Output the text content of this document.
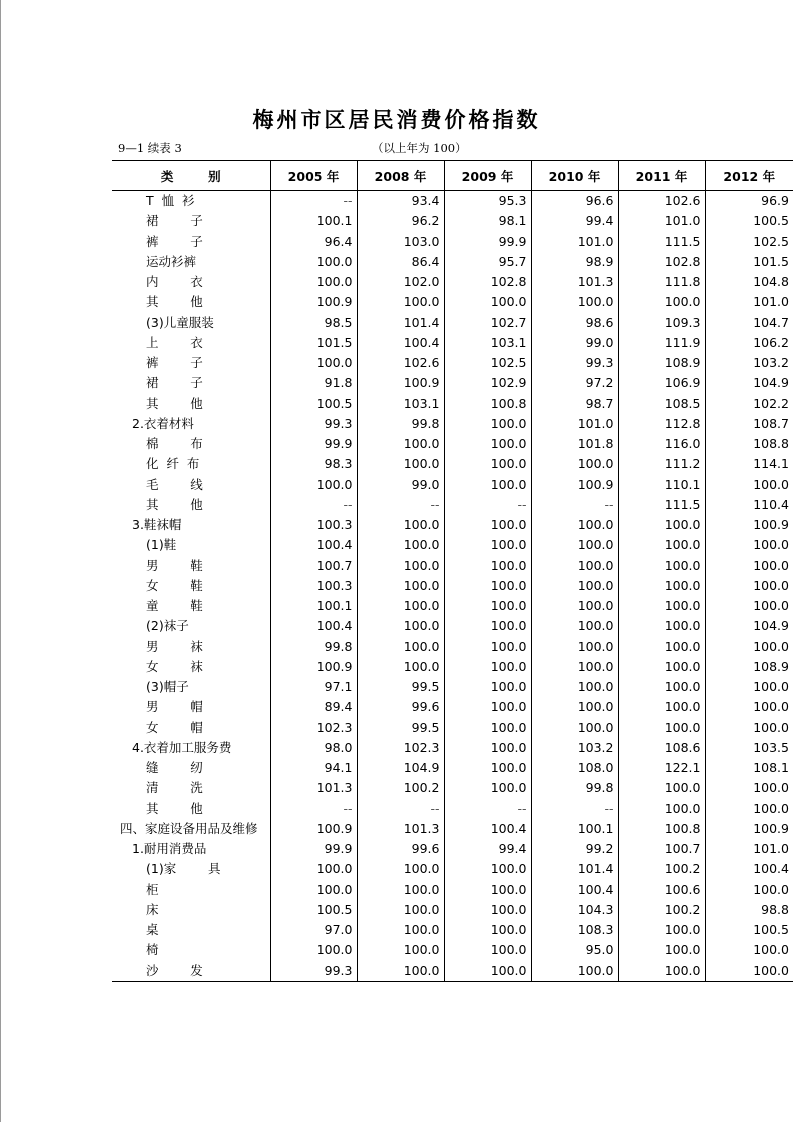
梅州市区居民消费价格指数
9—1 续表 3	（以上年为 100）
类        别	2005 年	2008 年	2009 年	2010 年	2011 年	2012 年
T  恤  衫	--	93.4	95.3	96.6	102.6	96.9
裙        子	100.1	96.2	98.1	99.4	101.0	100.5
裤        子	96.4	103.0	99.9	101.0	111.5	102.5
运动衫裤	100.0	86.4	95.7	98.9	102.8	101.5
内        衣	100.0	102.0	102.8	101.3	111.8	104.8
其        他	100.9	100.0	100.0	100.0	100.0	101.0
(3)儿童服装	98.5	101.4	102.7	98.6	109.3	104.7
上        衣	101.5	100.4	103.1	99.0	111.9	106.2
裤        子	100.0	102.6	102.5	99.3	108.9	103.2
裙        子	91.8	100.9	102.9	97.2	106.9	104.9
其        他	100.5	103.1	100.8	98.7	108.5	102.2
2.衣着材料	99.3	99.8	100.0	101.0	112.8	108.7
棉        布	99.9	100.0	100.0	101.8	116.0	108.8
化  纤  布	98.3	100.0	100.0	100.0	111.2	114.1
毛        线	100.0	99.0	100.0	100.9	110.1	100.0
其        他	--	--	--	--	111.5	110.4
3.鞋袜帽	100.3	100.0	100.0	100.0	100.0	100.9
(1)鞋	100.4	100.0	100.0	100.0	100.0	100.0
男        鞋	100.7	100.0	100.0	100.0	100.0	100.0
女        鞋	100.3	100.0	100.0	100.0	100.0	100.0
童        鞋	100.1	100.0	100.0	100.0	100.0	100.0
(2)袜子	100.4	100.0	100.0	100.0	100.0	104.9
男        袜	99.8	100.0	100.0	100.0	100.0	100.0
女        袜	100.9	100.0	100.0	100.0	100.0	108.9
(3)帽子	97.1	99.5	100.0	100.0	100.0	100.0
男        帽	89.4	99.6	100.0	100.0	100.0	100.0
女        帽	102.3	99.5	100.0	100.0	100.0	100.0
4.衣着加工服务费	98.0	102.3	100.0	103.2	108.6	103.5
缝        纫	94.1	104.9	100.0	108.0	122.1	108.1
清        洗	101.3	100.2	100.0	99.8	100.0	100.0
其        他	--	--	--	--	100.0	100.0
四、家庭设备用品及维修	100.9	101.3	100.4	100.1	100.8	100.9
1.耐用消费品	99.9	99.6	99.4	99.2	100.7	101.0
(1)家        具	100.0	100.0	100.0	101.4	100.2	100.4
柜	100.0	100.0	100.0	100.4	100.6	100.0
床	100.5	100.0	100.0	104.3	100.2	98.8
桌	97.0	100.0	100.0	108.3	100.0	100.5
椅	100.0	100.0	100.0	95.0	100.0	100.0
沙        发	99.3	100.0	100.0	100.0	100.0	100.0
